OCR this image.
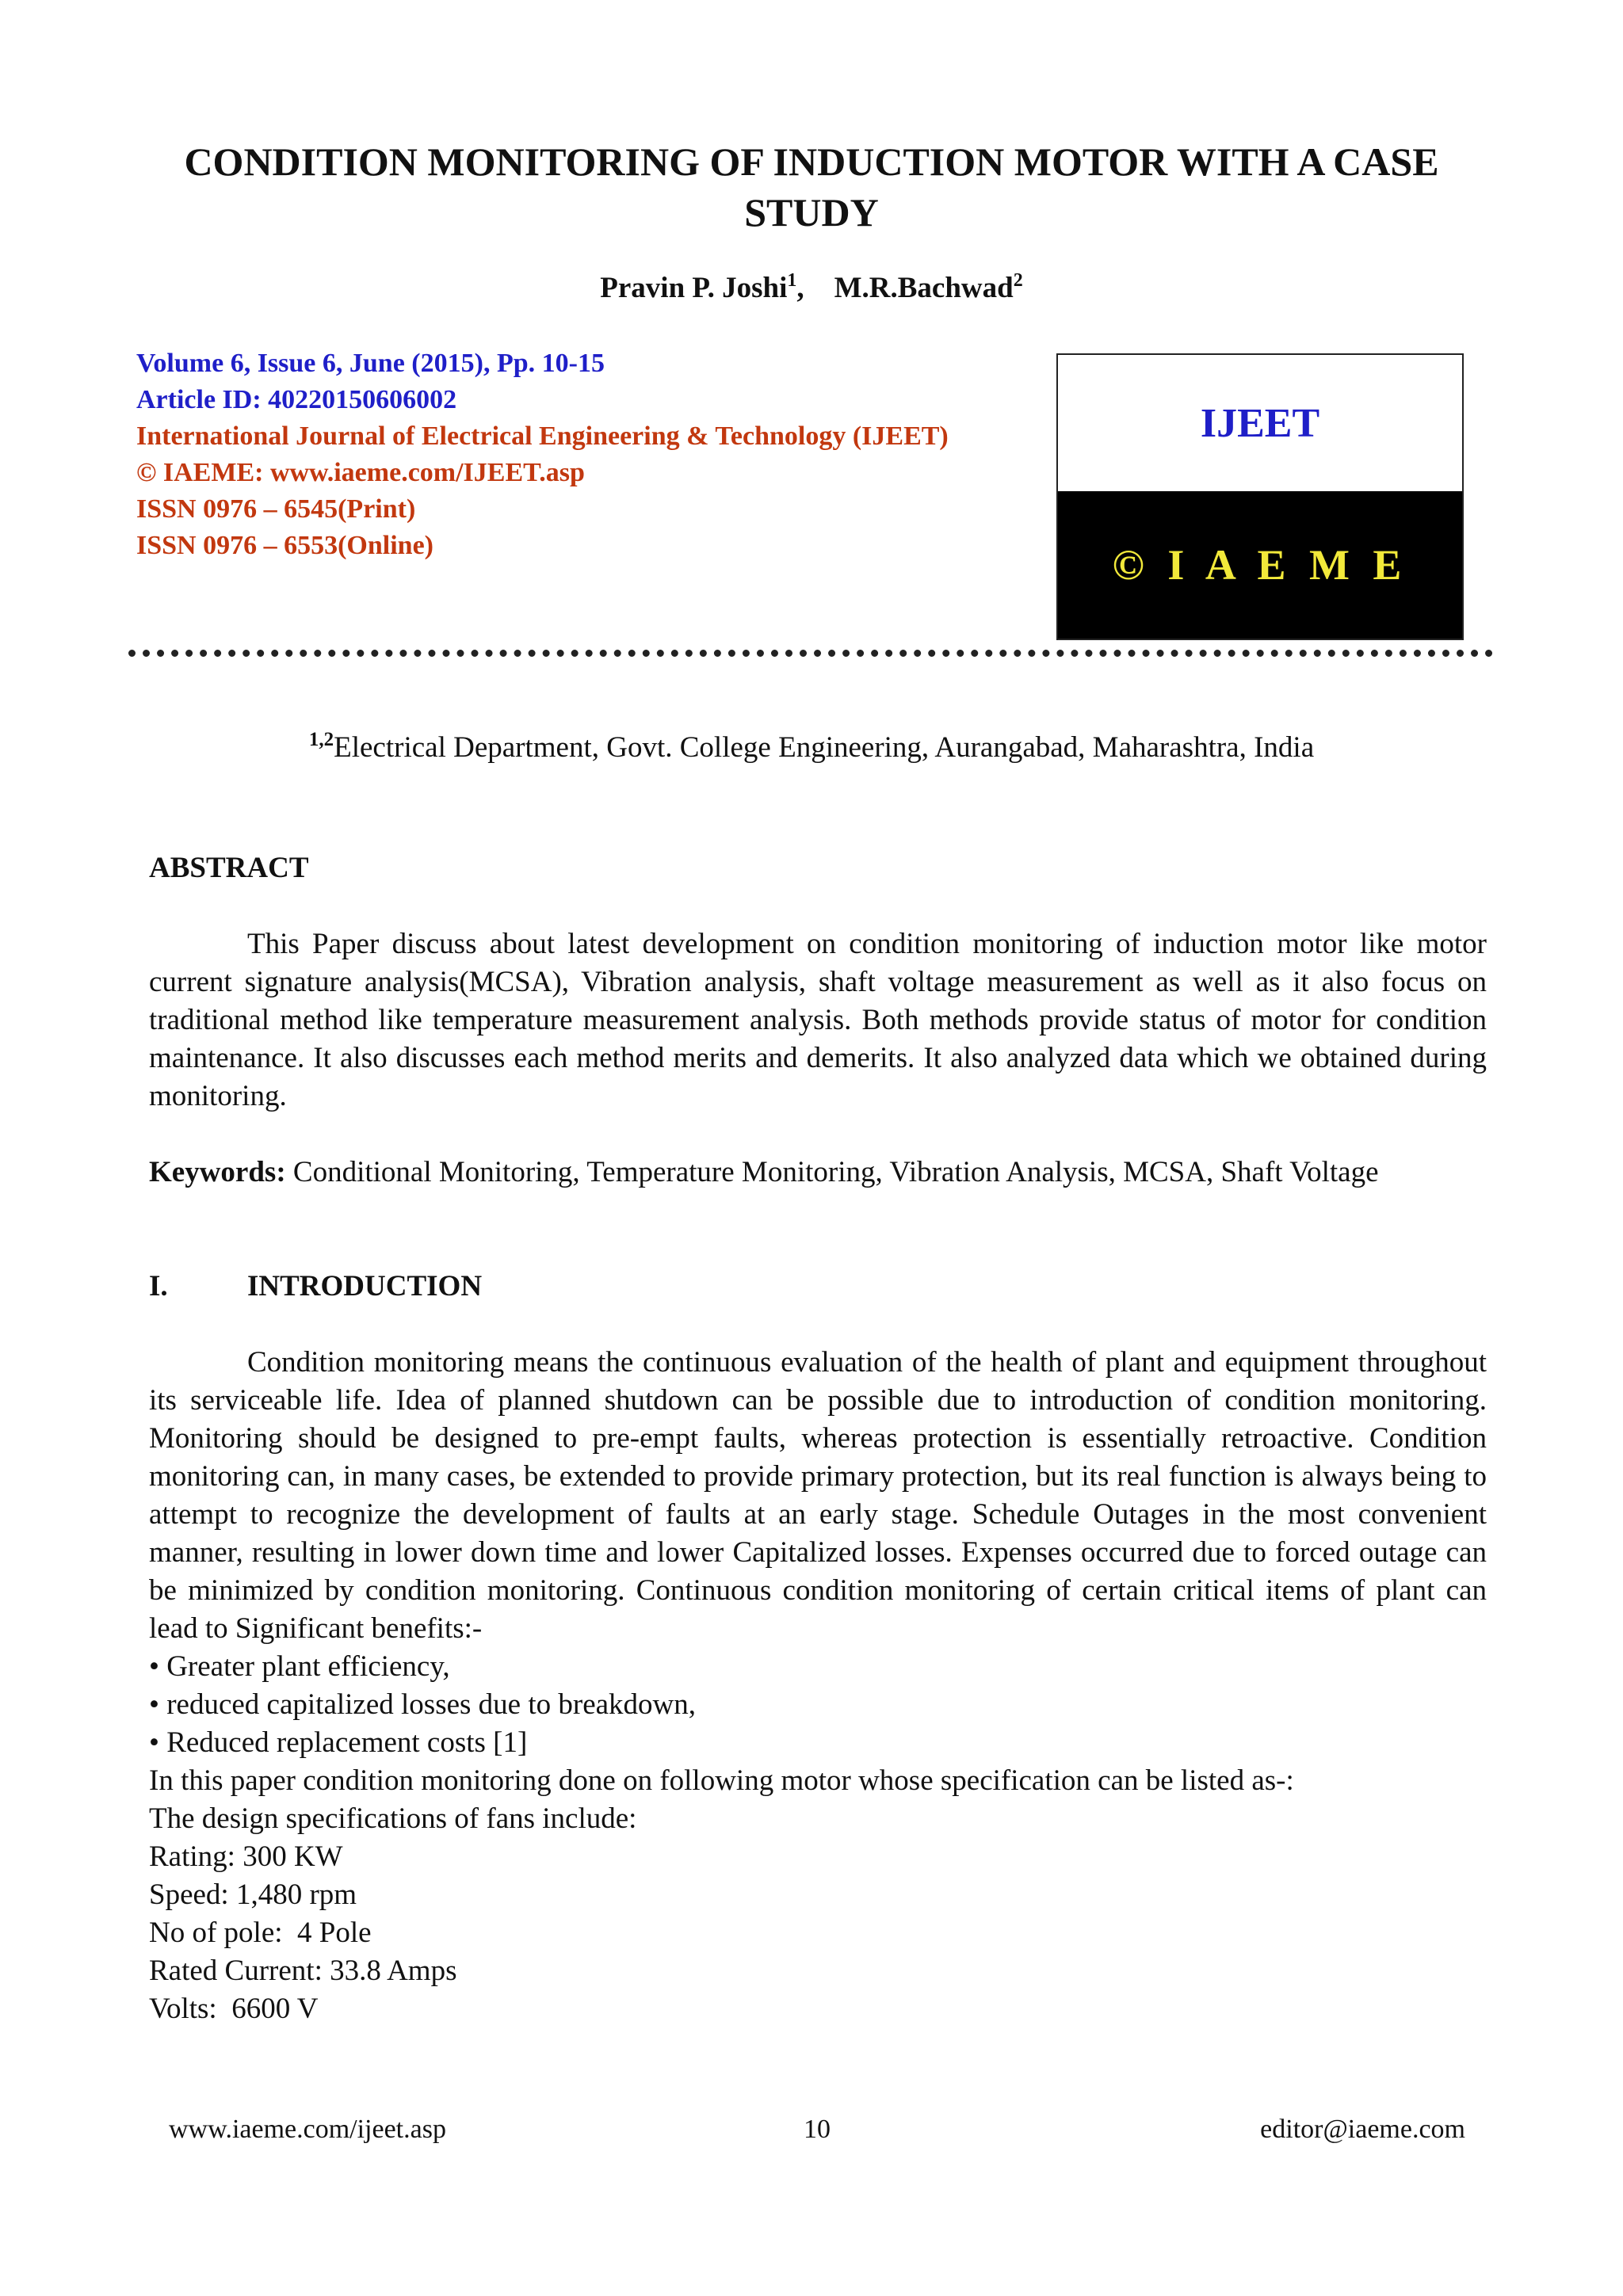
CONDITION MONITORING OF INDUCTION MOTOR WITH A CASE STUDY
Pravin P. Joshi$^1$, M.R.Bachwad$^2$
Volume 6, Issue 6, June (2015), Pp. 10-15
Article ID: 40220150606002
International Journal of Electrical Engineering & Technology (IJEET)
© IAEME: www.iaeme.com/IJEET.asp
ISSN 0976 – 6545(Print)
ISSN 0976 – 6553(Online)
IJEET
© I A E M E
$^{1,2}$Electrical Department, Govt. College Engineering, Aurangabad, Maharashtra, India

ABSTRACT

This Paper discuss about latest development on condition monitoring of induction motor like motor current signature analysis(MCSA), Vibration analysis, shaft voltage measurement as well as it also focus on traditional method like temperature measurement analysis. Both methods provide status of motor for condition maintenance. It also discusses each method merits and demerits. It also analyzed data which we obtained during monitoring.

Keywords: Conditional Monitoring, Temperature Monitoring, Vibration Analysis, MCSA, Shaft Voltage

I.	INTRODUCTION

Condition monitoring means the continuous evaluation of the health of plant and equipment throughout its serviceable life. Idea of planned shutdown can be possible due to introduction of condition monitoring. Monitoring should be designed to pre-empt faults, whereas protection is essentially retroactive. Condition monitoring can, in many cases, be extended to provide primary protection, but its real function is always being to attempt to recognize the development of faults at an early stage. Schedule Outages in the most convenient manner, resulting in lower down time and lower Capitalized losses. Expenses occurred due to forced outage can be minimized by condition monitoring. Continuous condition monitoring of certain critical items of plant can lead to Significant benefits:-

• Greater plant efficiency,

• reduced capitalized losses due to breakdown,

• Reduced replacement costs [1]

In this paper condition monitoring done on following motor whose specification can be listed as-:

The design specifications of fans include:

Rating: 300 KW

Speed: 1,480 rpm

No of pole:  4 Pole

Rated Current: 33.8 Amps

Volts:  6600 V

www.iaeme.com/ijeet.asp	10	editor@iaeme.com
